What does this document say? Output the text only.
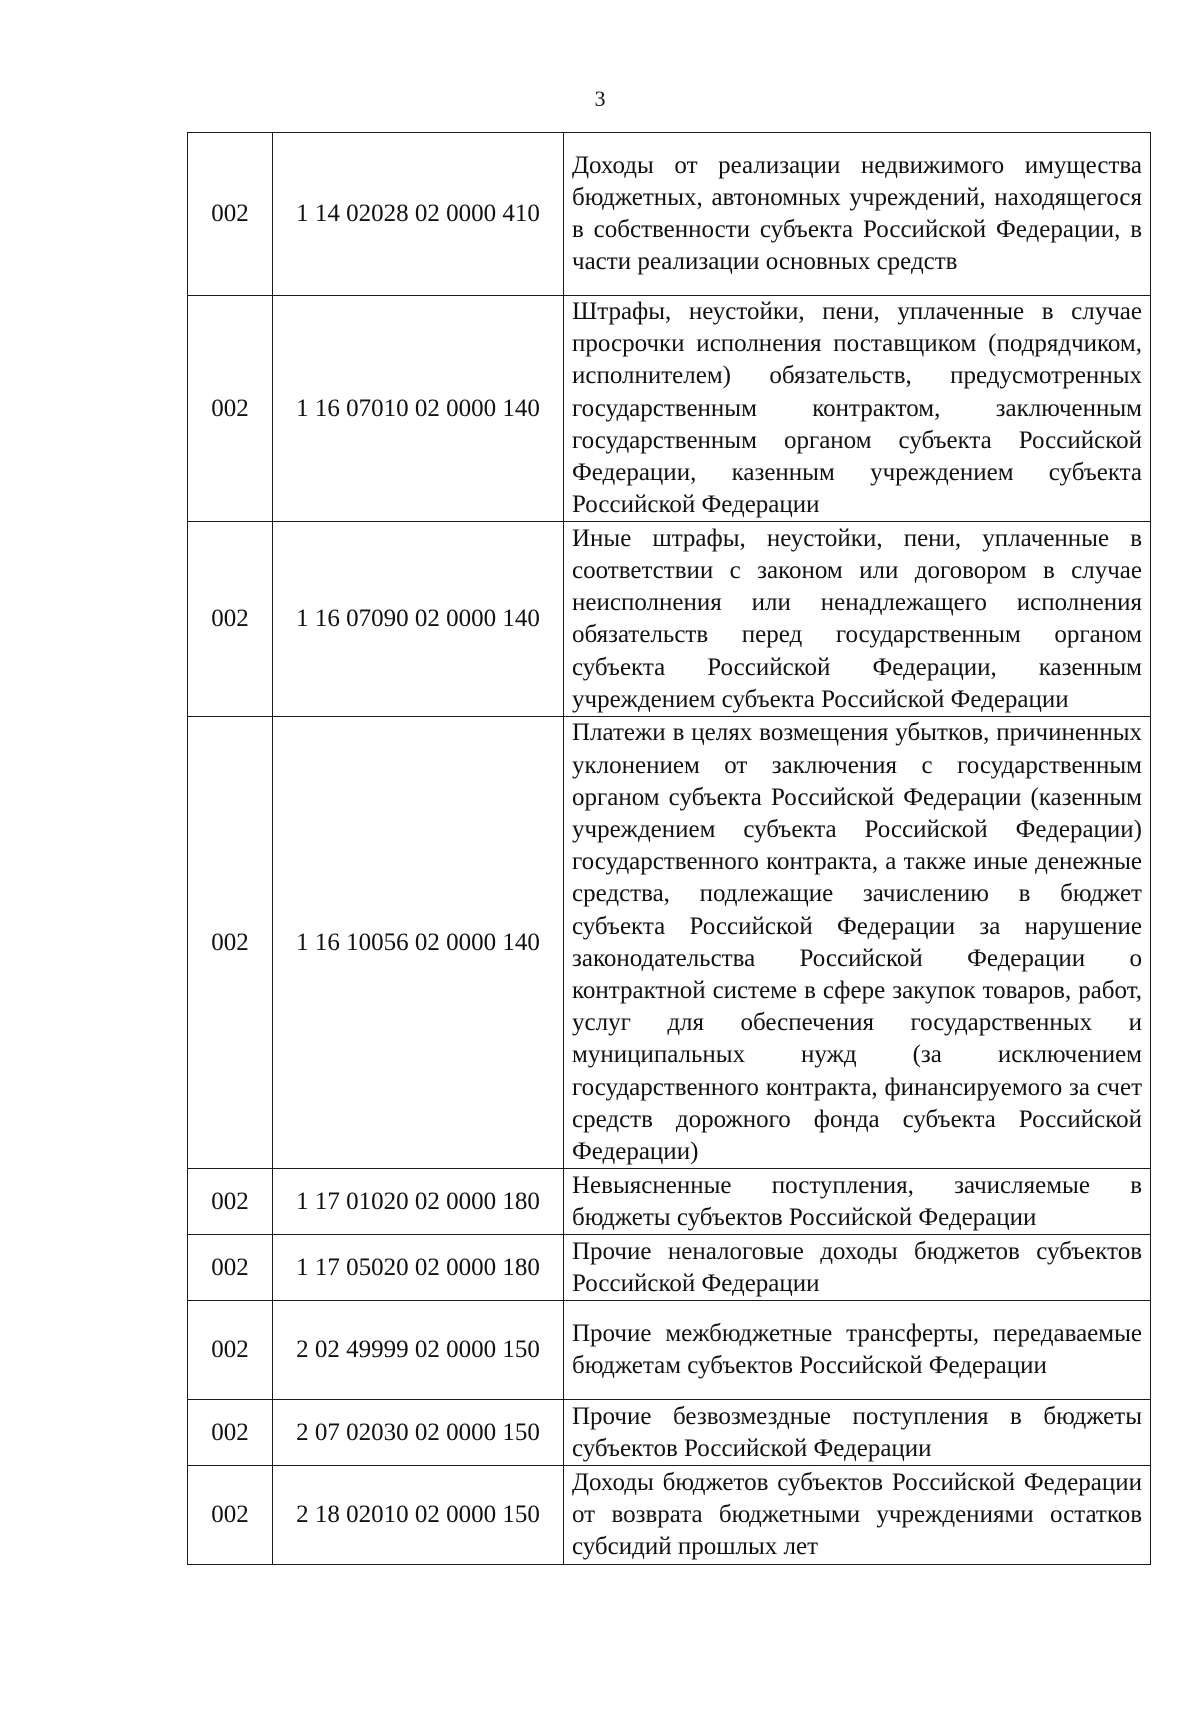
3
002	1 14 02028 02 0000 410	Доходы от реализации недвижимого имущества бюджетных, автономных учреждений, находящегося в собственности субъекта Российской Федерации, в части реализации основных средств

002	1 16 07010 02 0000 140	Штрафы, неустойки, пени, уплаченные в случае просрочки исполнения поставщиком (подрядчиком, исполнителем) обязательств, предусмотренных государственным контрактом, заключенным государственным органом субъекта Российской Федерации, казенным учреждением субъекта Российской Федерации

002	1 16 07090 02 0000 140	Иные штрафы, неустойки, пени, уплаченные в соответствии с законом или договором в случае неисполнения или ненадлежащего исполнения обязательств перед государственным органом субъекта Российской Федерации, казенным учреждением субъекта Российской Федерации

002	1 16 10056 02 0000 140	Платежи в целях возмещения убытков, причиненных уклонением от заключения с государственным органом субъекта Российской Федерации (казенным учреждением субъекта Российской Федерации) государственного контракта, а также иные денежные средства, подлежащие зачислению в бюджет субъекта Российской Федерации за нарушение законодательства Российской Федерации о контрактной системе в сфере закупок товаров, работ, услуг для обеспечения государственных и муниципальных нужд (за исключением государственного контракта, финансируемого за счет средств дорожного фонда субъекта Российской Федерации)

002	1 17 01020 02 0000 180	Невыясненные поступления, зачисляемые в бюджеты субъектов Российской Федерации

002	1 17 05020 02 0000 180	Прочие неналоговые доходы бюджетов субъектов Российской Федерации

002	2 02 49999 02 0000 150	Прочие межбюджетные трансферты, передаваемые бюджетам субъектов Российской Федерации

002	2 07 02030 02 0000 150	Прочие безвозмездные поступления в бюджеты субъектов Российской Федерации

002	2 18 02010 02 0000 150	Доходы бюджетов субъектов Российской Федерации от возврата бюджетными учреждениями остатков субсидий прошлых лет
